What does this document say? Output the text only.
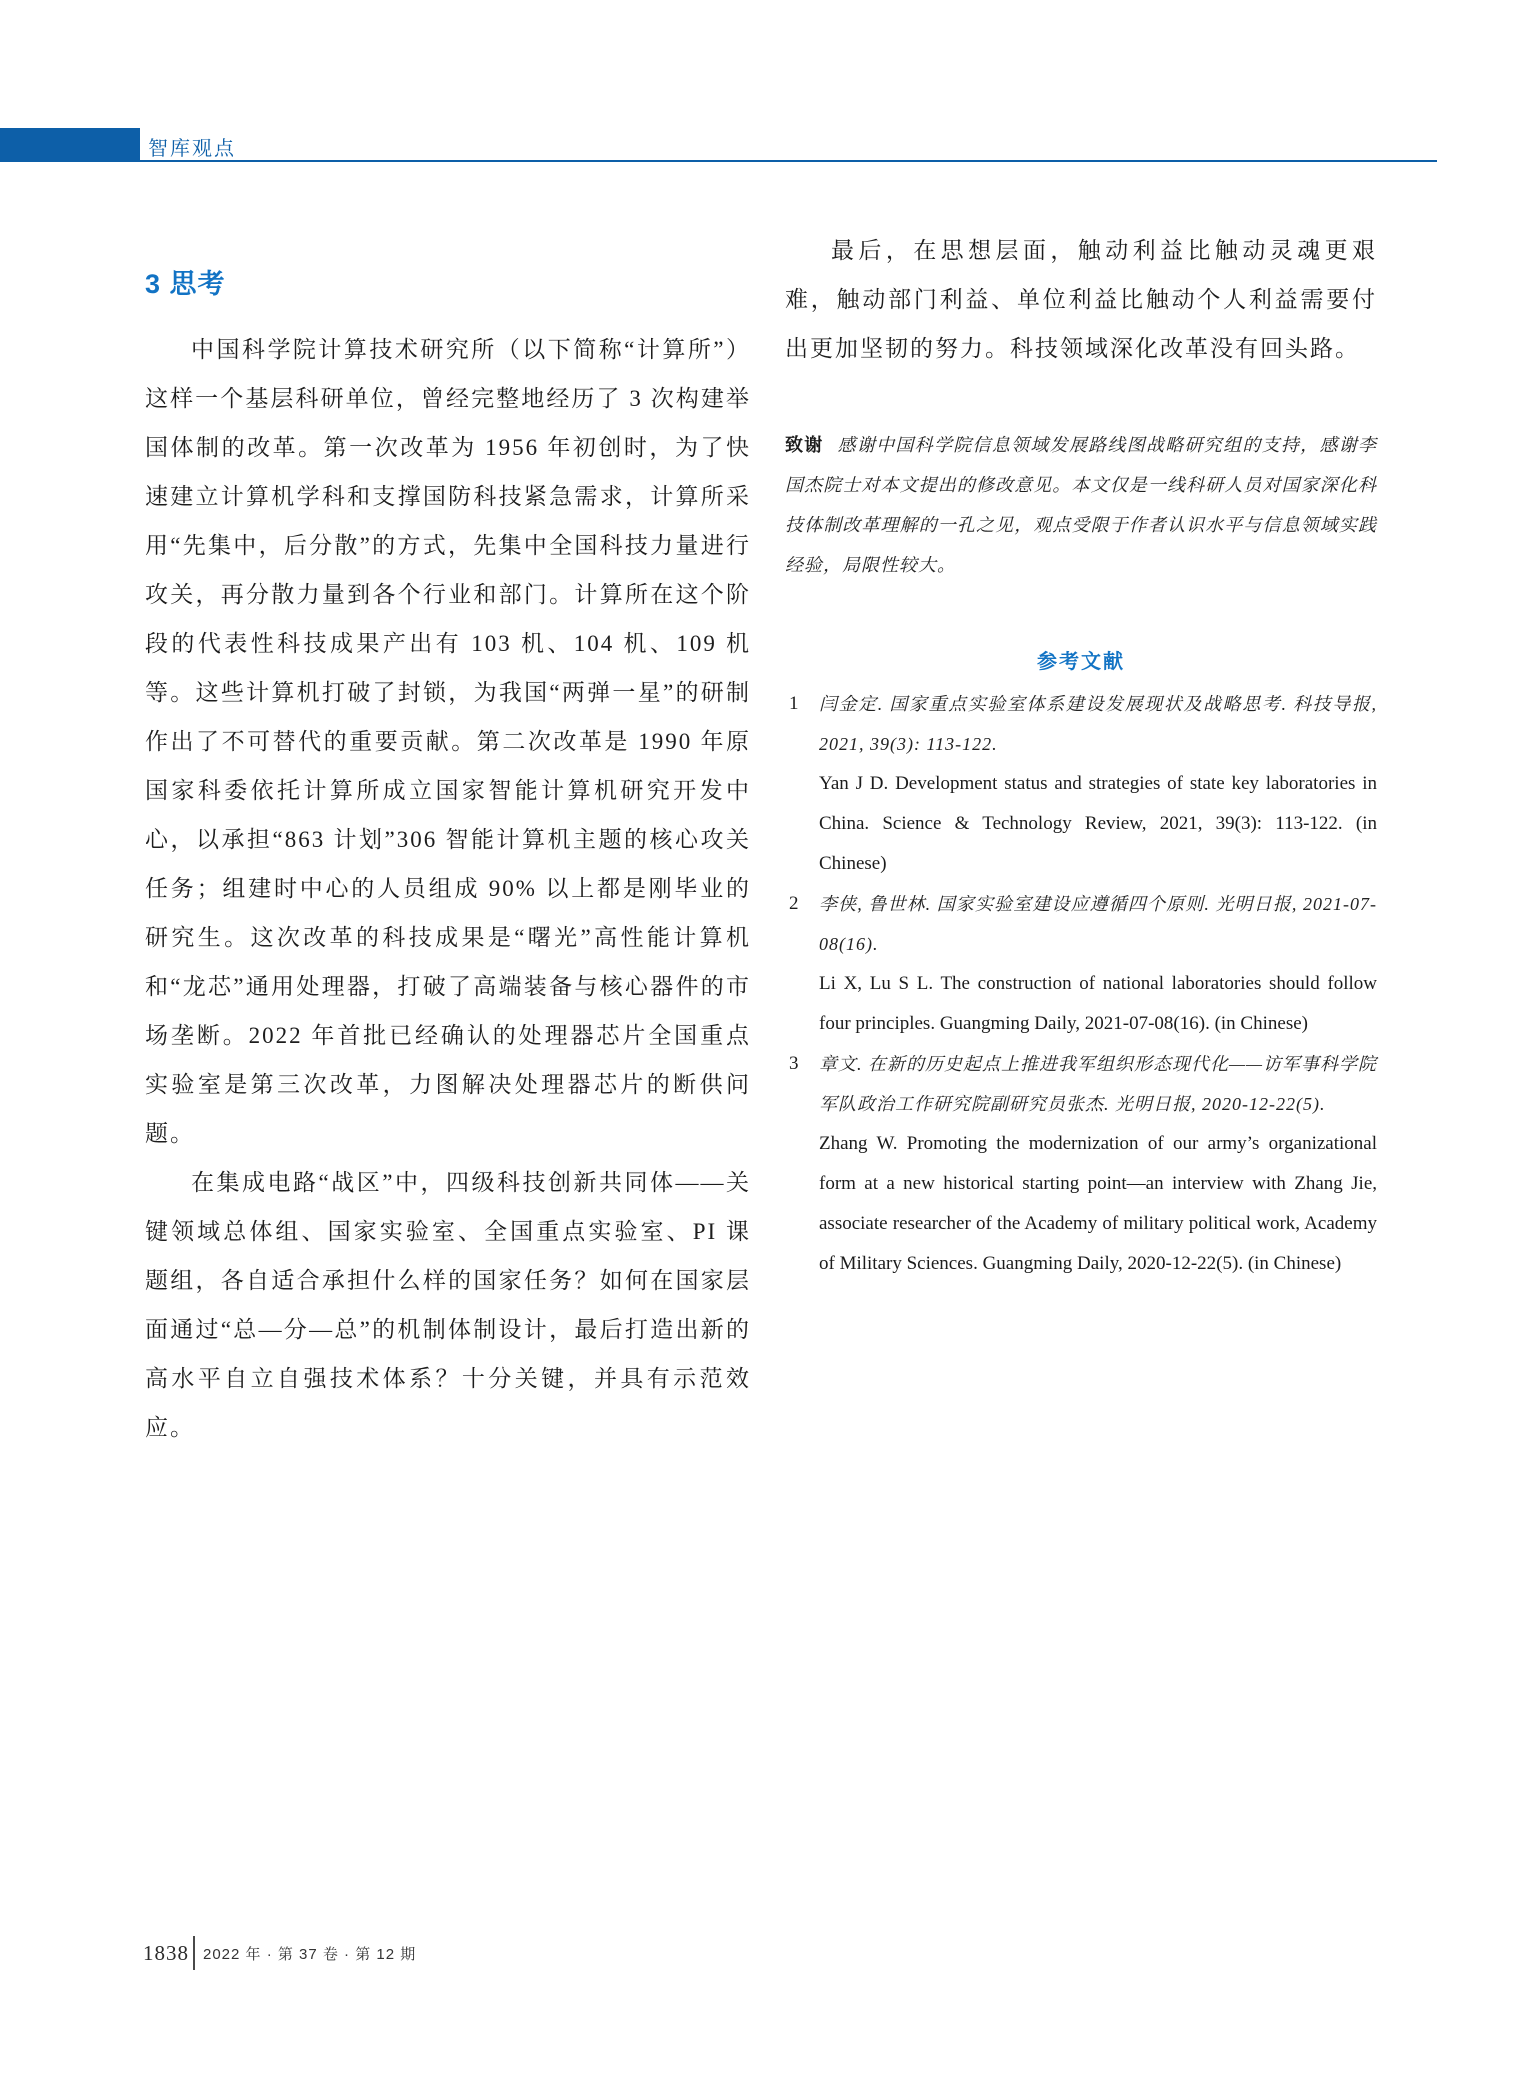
智库观点
3 思考

中国科学院计算技术研究所（以下简称“计算所”）这样一个基层科研单位，曾经完整地经历了 3 次构建举国体制的改革。第一次改革为 1956 年初创时，为了快速建立计算机学科和支撑国防科技紧急需求，计算所采用“先集中，后分散”的方式，先集中全国科技力量进行攻关，再分散力量到各个行业和部门。计算所在这个阶段的代表性科技成果产出有 103 机、104 机、109 机等。这些计算机打破了封锁，为我国“两弹一星”的研制作出了不可替代的重要贡献。第二次改革是 1990 年原国家科委依托计算所成立国家智能计算机研究开发中心，以承担“863 计划”306 智能计算机主题的核心攻关任务；组建时中心的人员组成 90% 以上都是刚毕业的研究生。这次改革的科技成果是“曙光”高性能计算机和“龙芯”通用处理器，打破了高端装备与核心器件的市场垄断。2022 年首批已经确认的处理器芯片全国重点实验室是第三次改革，力图解决处理器芯片的断供问题。

在集成电路“战区”中，四级科技创新共同体——关键领域总体组、国家实验室、全国重点实验室、PI 课题组，各自适合承担什么样的国家任务？如何在国家层面通过“总—分—总”的机制体制设计，最后打造出新的高水平自立自强技术体系？十分关键，并具有示范效应。

最后，在思想层面，触动利益比触动灵魂更艰难，触动部门利益、单位利益比触动个人利益需要付出更加坚韧的努力。科技领域深化改革没有回头路。

致谢 感谢中国科学院信息领域发展路线图战略研究组的支持，感谢李国杰院士对本文提出的修改意见。本文仅是一线科研人员对国家深化科技体制改革理解的一孔之见，观点受限于作者认识水平与信息领域实践经验，局限性较大。

参考文献
1 闫金定. 国家重点实验室体系建设发展现状及战略思考. 科技导报, 2021, 39(3): 113-122.
Yan J D. Development status and strategies of state key laboratories in China. Science & Technology Review, 2021, 39(3): 113-122. (in Chinese)
2 李侠, 鲁世林. 国家实验室建设应遵循四个原则. 光明日报, 2021-07-08(16).
Li X, Lu S L. The construction of national laboratories should follow four principles. Guangming Daily, 2021-07-08(16). (in Chinese)
3 章文. 在新的历史起点上推进我军组织形态现代化——访军事科学院军队政治工作研究院副研究员张杰. 光明日报, 2020-12-22(5).
Zhang W. Promoting the modernization of our army’s organizational form at a new historical starting point—an interview with Zhang Jie, associate researcher of the Academy of military political work, Academy of Military Sciences. Guangming Daily, 2020-12-22(5). (in Chinese)
1838 2022 年 · 第 37 卷 · 第 12 期
